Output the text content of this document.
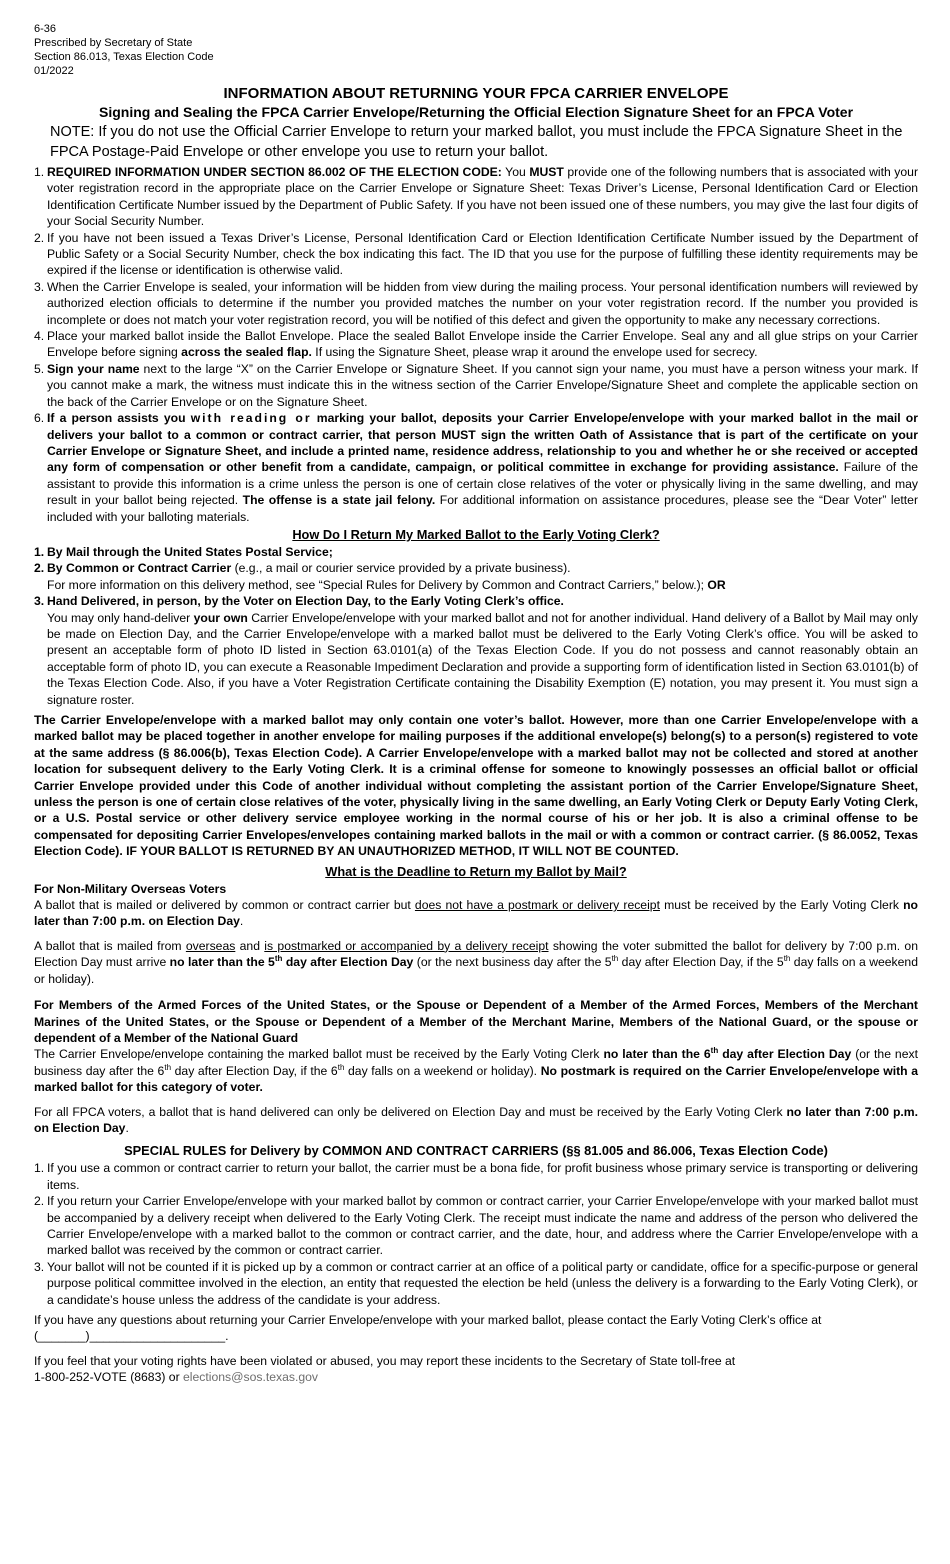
6-36
Prescribed by Secretary of State
Section 86.013, Texas Election Code
01/2022
INFORMATION ABOUT RETURNING YOUR FPCA CARRIER ENVELOPE
Signing and Sealing the FPCA Carrier Envelope/Returning the Official Election Signature Sheet for an FPCA Voter
NOTE: If you do not use the Official Carrier Envelope to return your marked ballot, you must include the FPCA Signature Sheet in the FPCA Postage-Paid Envelope or other envelope you use to return your ballot.
1. REQUIRED INFORMATION UNDER SECTION 86.002 OF THE ELECTION CODE: You MUST provide one of the following numbers that is associated with your voter registration record in the appropriate place on the Carrier Envelope or Signature Sheet: Texas Driver’s License, Personal Identification Card or Election Identification Certificate Number issued by the Department of Public Safety. If you have not been issued one of these numbers, you may give the last four digits of your Social Security Number.
2. If you have not been issued a Texas Driver’s License, Personal Identification Card or Election Identification Certificate Number issued by the Department of Public Safety or a Social Security Number, check the box indicating this fact. The ID that you use for the purpose of fulfilling these identity requirements may be expired if the license or identification is otherwise valid.
3. When the Carrier Envelope is sealed, your information will be hidden from view during the mailing process. Your personal identification numbers will reviewed by authorized election officials to determine if the number you provided matches the number on your voter registration record. If the number you provided is incomplete or does not match your voter registration record, you will be notified of this defect and given the opportunity to make any necessary corrections.
4. Place your marked ballot inside the Ballot Envelope. Place the sealed Ballot Envelope inside the Carrier Envelope. Seal any and all glue strips on your Carrier Envelope before signing across the sealed flap. If using the Signature Sheet, please wrap it around the envelope used for secrecy.
5. Sign your name next to the large “X” on the Carrier Envelope or Signature Sheet. If you cannot sign your name, you must have a person witness your mark. If you cannot make a mark, the witness must indicate this in the witness section of the Carrier Envelope/Signature Sheet and complete the applicable section on the back of the Carrier Envelope or on the Signature Sheet.
6. If a person assists you with reading or marking your ballot, deposits your Carrier Envelope/envelope with your marked ballot in the mail or delivers your ballot to a common or contract carrier, that person MUST sign the written Oath of Assistance that is part of the certificate on your Carrier Envelope or Signature Sheet, and include a printed name, residence address, relationship to you and whether he or she received or accepted any form of compensation or other benefit from a candidate, campaign, or political committee in exchange for providing assistance. Failure of the assistant to provide this information is a crime unless the person is one of certain close relatives of the voter or physically living in the same dwelling, and may result in your ballot being rejected. The offense is a state jail felony. For additional information on assistance procedures, please see the “Dear Voter” letter included with your balloting materials.
How Do I Return My Marked Ballot to the Early Voting Clerk?
1. By Mail through the United States Postal Service;
2. By Common or Contract Carrier (e.g., a mail or courier service provided by a private business).
For more information on this delivery method, see “Special Rules for Delivery by Common and Contract Carriers,” below.); OR
3. Hand Delivered, in person, by the Voter on Election Day, to the Early Voting Clerk’s office.
You may only hand-deliver your own Carrier Envelope/envelope with your marked ballot and not for another individual. Hand delivery of a Ballot by Mail may only be made on Election Day, and the Carrier Envelope/envelope with a marked ballot must be delivered to the Early Voting Clerk’s office. You will be asked to present an acceptable form of photo ID listed in Section 63.0101(a) of the Texas Election Code. If you do not possess and cannot reasonably obtain an acceptable form of photo ID, you can execute a Reasonable Impediment Declaration and provide a supporting form of identification listed in Section 63.0101(b) of the Texas Election Code. Also, if you have a Voter Registration Certificate containing the Disability Exemption (E) notation, you may present it. You must sign a signature roster.
The Carrier Envelope/envelope with a marked ballot may only contain one voter’s ballot. However, more than one Carrier Envelope/envelope with a marked ballot may be placed together in another envelope for mailing purposes if the additional envelope(s) belong(s) to a person(s) registered to vote at the same address (§ 86.006(b), Texas Election Code). A Carrier Envelope/envelope with a marked ballot may not be collected and stored at another location for subsequent delivery to the Early Voting Clerk. It is a criminal offense for someone to knowingly possesses an official ballot or official Carrier Envelope provided under this Code of another individual without completing the assistant portion of the Carrier Envelope/Signature Sheet, unless the person is one of certain close relatives of the voter, physically living in the same dwelling, an Early Voting Clerk or Deputy Early Voting Clerk, or a U.S. Postal service or other delivery service employee working in the normal course of his or her job. It is also a criminal offense to be compensated for depositing Carrier Envelopes/envelopes containing marked ballots in the mail or with a common or contract carrier. (§ 86.0052, Texas Election Code). IF YOUR BALLOT IS RETURNED BY AN UNAUTHORIZED METHOD, IT WILL NOT BE COUNTED.
What is the Deadline to Return my Ballot by Mail?
For Non-Military Overseas Voters
A ballot that is mailed or delivered by common or contract carrier but does not have a postmark or delivery receipt must be received by the Early Voting Clerk no later than 7:00 p.m. on Election Day.
A ballot that is mailed from overseas and is postmarked or accompanied by a delivery receipt showing the voter submitted the ballot for delivery by 7:00 p.m. on Election Day must arrive no later than the 5th day after Election Day (or the next business day after the 5th day after Election Day, if the 5th day falls on a weekend or holiday).
For Members of the Armed Forces of the United States, or the Spouse or Dependent of a Member of the Armed Forces, Members of the Merchant Marines of the United States, or the Spouse or Dependent of a Member of the Merchant Marine, Members of the National Guard, or the spouse or dependent of a Member of the National Guard
The Carrier Envelope/envelope containing the marked ballot must be received by the Early Voting Clerk no later than the 6th day after Election Day (or the next business day after the 6th day after Election Day, if the 6th day falls on a weekend or holiday). No postmark is required on the Carrier Envelope/envelope with a marked ballot for this category of voter.
For all FPCA voters, a ballot that is hand delivered can only be delivered on Election Day and must be received by the Early Voting Clerk no later than 7:00 p.m. on Election Day.
SPECIAL RULES for Delivery by COMMON AND CONTRACT CARRIERS (§§ 81.005 and 86.006, Texas Election Code)
1. If you use a common or contract carrier to return your ballot, the carrier must be a bona fide, for profit business whose primary service is transporting or delivering items.
2. If you return your Carrier Envelope/envelope with your marked ballot by common or contract carrier, your Carrier Envelope/envelope with your marked ballot must be accompanied by a delivery receipt when delivered to the Early Voting Clerk. The receipt must indicate the name and address of the person who delivered the Carrier Envelope/envelope with a marked ballot to the common or contract carrier, and the date, hour, and address where the Carrier Envelope/envelope with a marked ballot was received by the common or contract carrier.
3. Your ballot will not be counted if it is picked up by a common or contract carrier at an office of a political party or candidate, office for a specific-purpose or general purpose political committee involved in the election, an entity that requested the election be held (unless the delivery is a forwarding to the Early Voting Clerk), or a candidate’s house unless the address of the candidate is your address.
If you have any questions about returning your Carrier Envelope/envelope with your marked ballot, please contact the Early Voting Clerk’s office at
(_______)____________________.
If you feel that your voting rights have been violated or abused, you may report these incidents to the Secretary of State toll-free at
1-800-252-VOTE (8683) or elections@sos.texas.gov
